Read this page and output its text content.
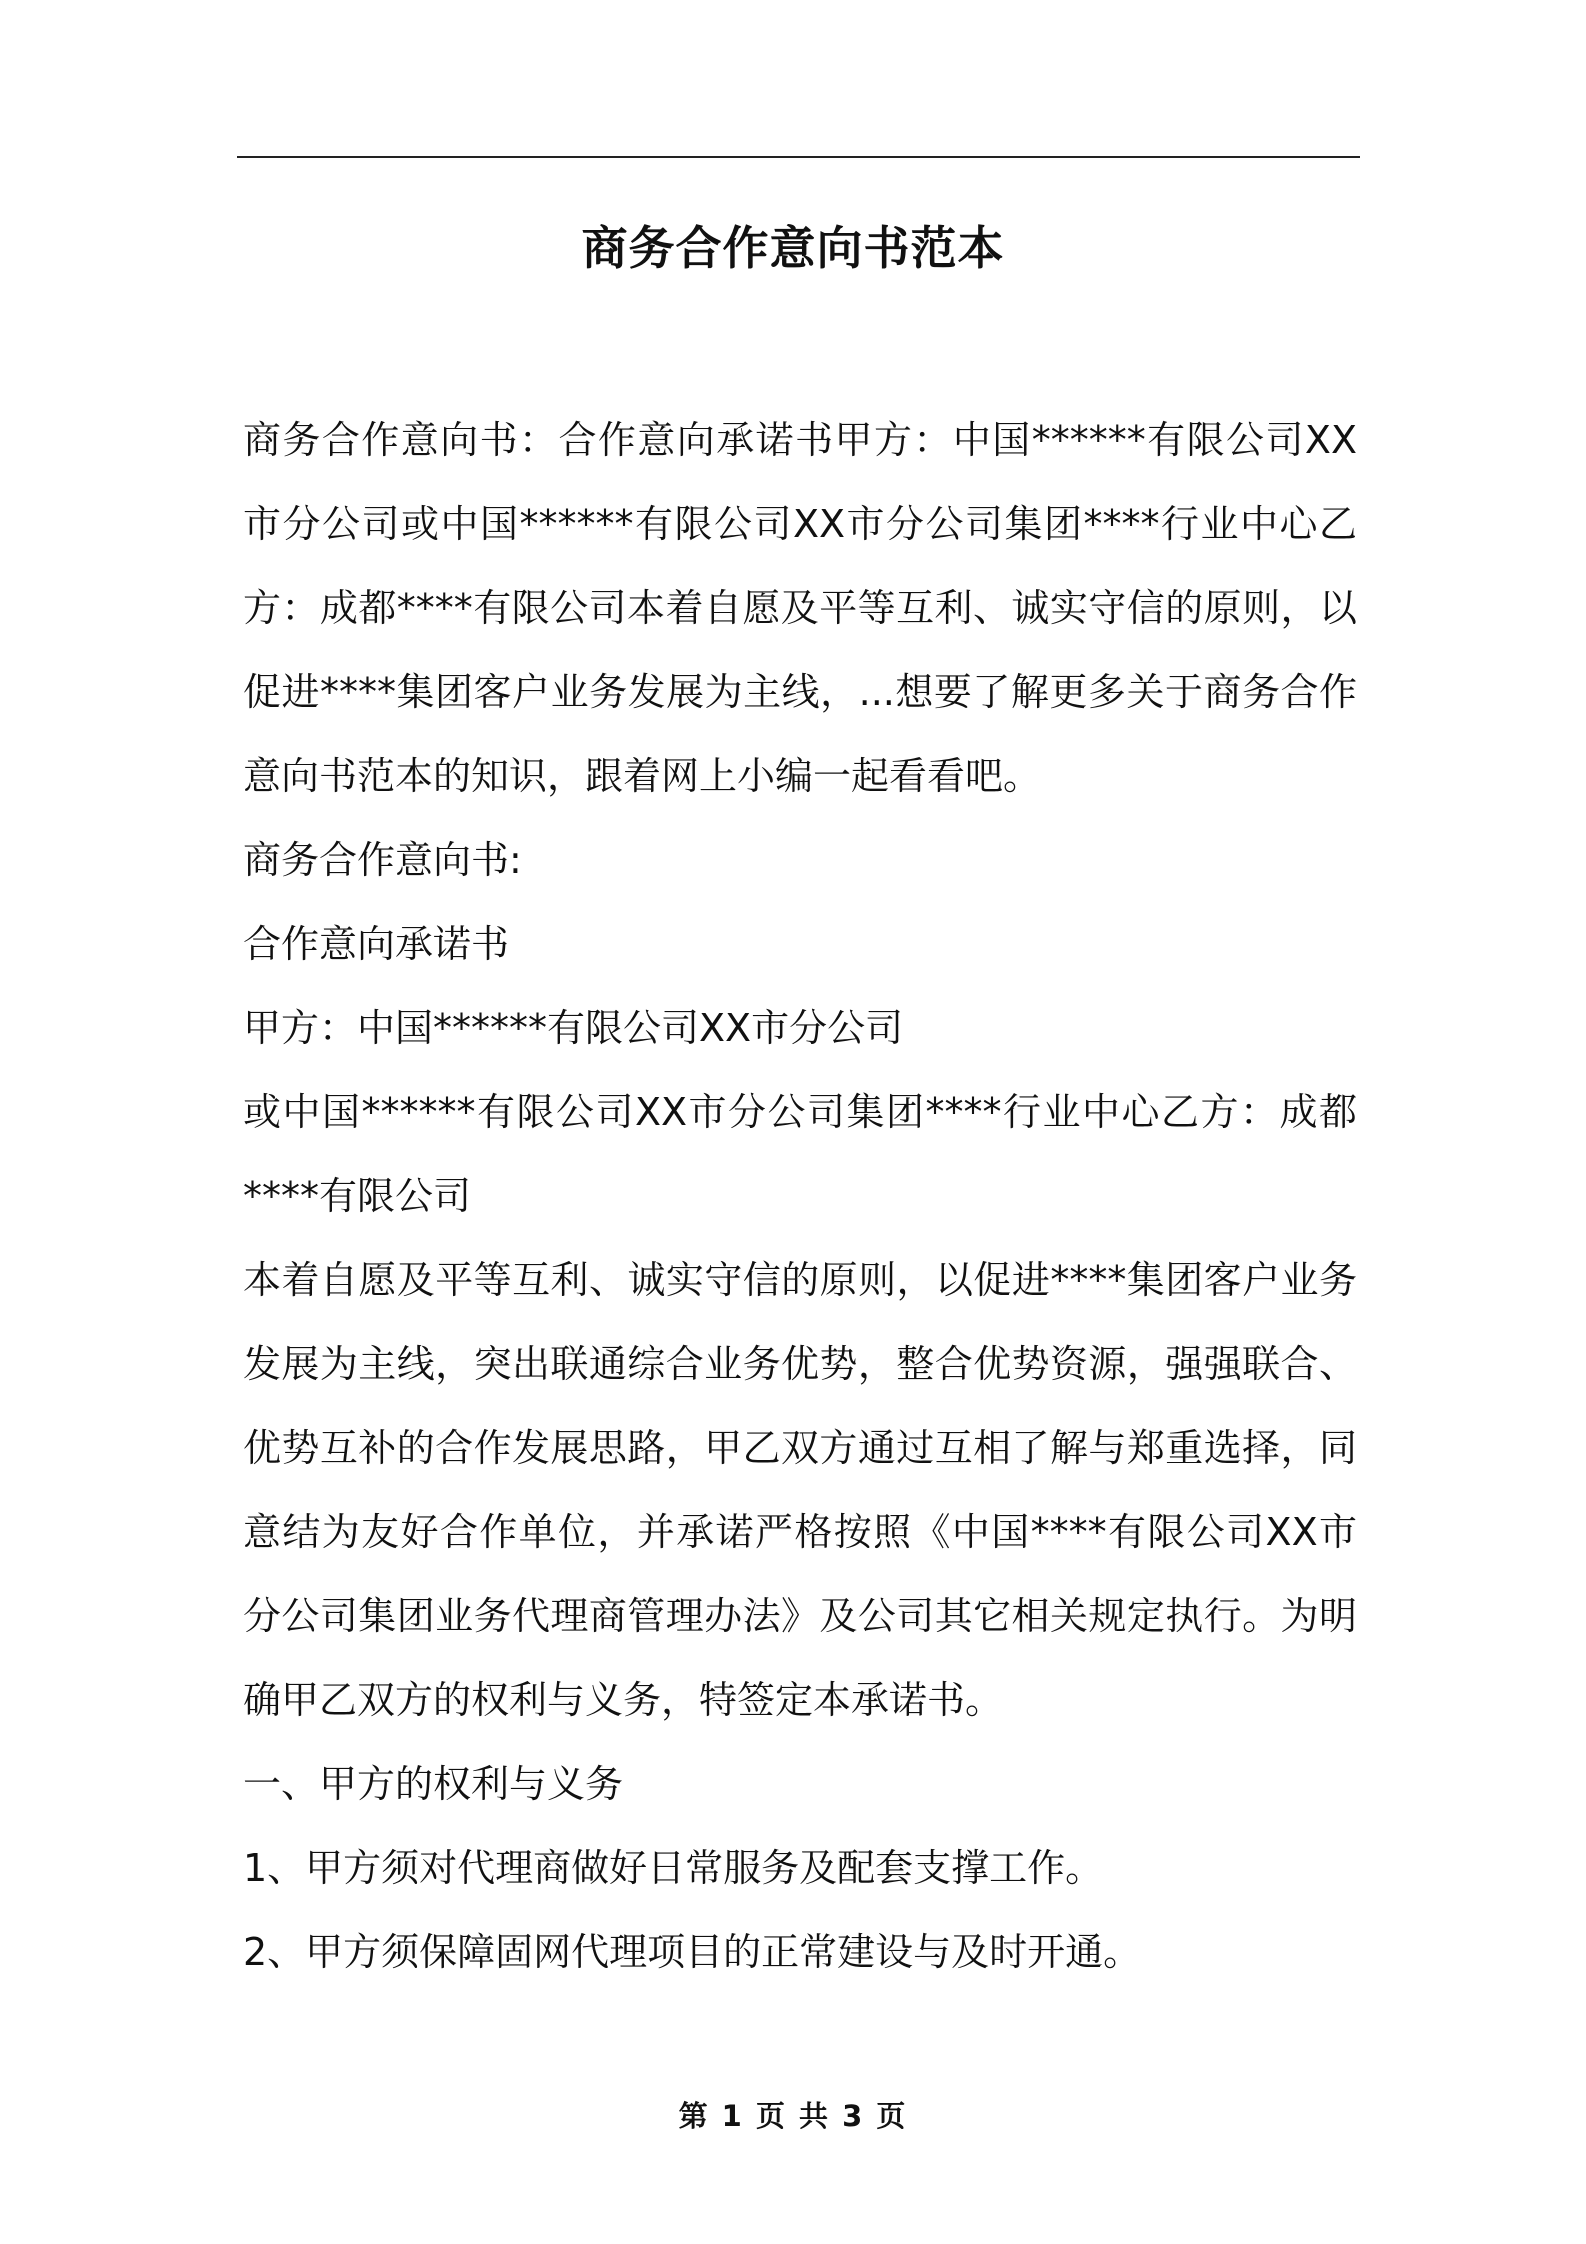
商务合作意向书范本

商务合作意向书：合作意向承诺书甲方：中国******有限公司XX市分公司或中国******有限公司XX市分公司集团****行业中心乙方：成都****有限公司本着自愿及平等互利、诚实守信的原则，以促进****集团客户业务发展为主线，...想要了解更多关于商务合作意向书范本的知识，跟着网上小编一起看看吧。

商务合作意向书:

合作意向承诺书

甲方：中国******有限公司XX市分公司

或中国******有限公司XX市分公司集团****行业中心乙方：成都****有限公司

本着自愿及平等互利、诚实守信的原则，以促进****集团客户业务发展为主线，突出联通综合业务优势，整合优势资源，强强联合、优势互补的合作发展思路，甲乙双方通过互相了解与郑重选择，同意结为友好合作单位，并承诺严格按照《中国****有限公司XX市分公司集团业务代理商管理办法》及公司其它相关规定执行。为明确甲乙双方的权利与义务，特签定本承诺书。

一、甲方的权利与义务

1、甲方须对代理商做好日常服务及配套支撑工作。

2、甲方须保障固网代理项目的正常建设与及时开通。

第 1 页 共 3 页
